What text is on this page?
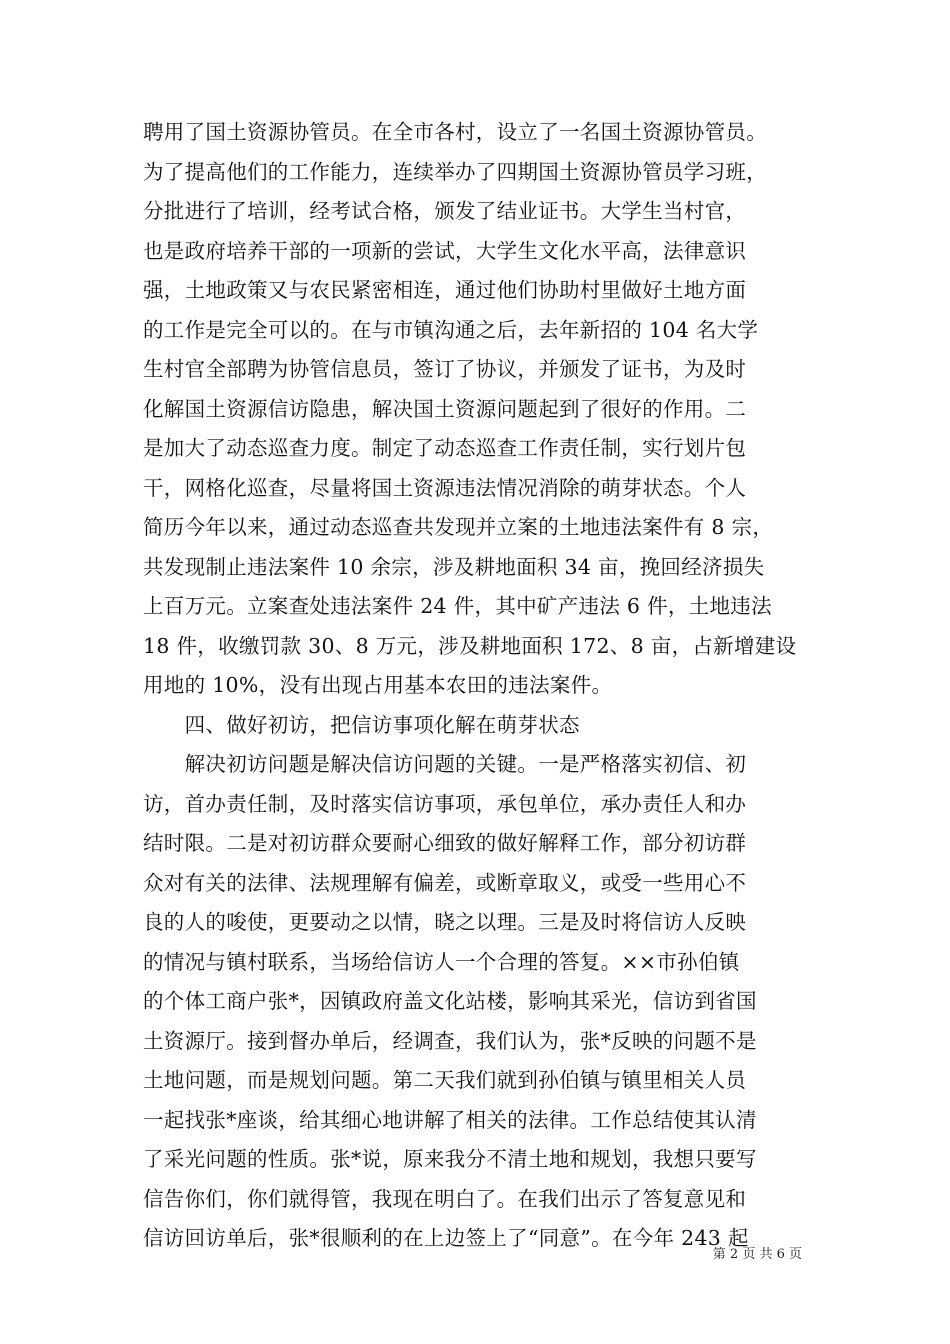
聘用了国土资源协管员。在全市各村，设立了一名国土资源协管员。
为了提高他们的工作能力，连续举办了四期国土资源协管员学习班，
分批进行了培训，经考试合格，颁发了结业证书。大学生当村官，
也是政府培养干部的一项新的尝试，大学生文化水平高，法律意识
强，土地政策又与农民紧密相连，通过他们协助村里做好土地方面
的工作是完全可以的。在与市镇沟通之后，去年新招的 104 名大学
生村官全部聘为协管信息员，签订了协议，并颁发了证书，为及时
化解国土资源信访隐患，解决国土资源问题起到了很好的作用。二
是加大了动态巡查力度。制定了动态巡查工作责任制，实行划片包
干，网格化巡查，尽量将国土资源违法情况消除的萌芽状态。个人
简历今年以来，通过动态巡查共发现并立案的土地违法案件有 8 宗，
共发现制止违法案件 10 余宗，涉及耕地面积 34 亩，挽回经济损失
上百万元。立案查处违法案件 24 件，其中矿产违法 6 件，土地违法
18 件，收缴罚款 30、8 万元，涉及耕地面积 172、8 亩，占新增建设
用地的 10%，没有出现占用基本农田的违法案件。
　　四、做好初访，把信访事项化解在萌芽状态
　　解决初访问题是解决信访问题的关键。一是严格落实初信、初
访，首办责任制，及时落实信访事项，承包单位，承办责任人和办
结时限。二是对初访群众要耐心细致的做好解释工作，部分初访群
众对有关的法律、法规理解有偏差，或断章取义，或受一些用心不
良的人的唆使，更要动之以情，晓之以理。三是及时将信访人反映
的情况与镇村联系，当场给信访人一个合理的答复。××市孙伯镇
的个体工商户张*，因镇政府盖文化站楼，影响其采光，信访到省国
土资源厅。接到督办单后，经调查，我们认为，张*反映的问题不是
土地问题，而是规划问题。第二天我们就到孙伯镇与镇里相关人员
一起找张*座谈，给其细心地讲解了相关的法律。工作总结使其认清
了采光问题的性质。张*说，原来我分不清土地和规划，我想只要写
信告你们，你们就得管，我现在明白了。在我们出示了答复意见和
信访回访单后，张*很顺利的在上边签上了“同意”。在今年 243 起
第 2 页 共 6 页
